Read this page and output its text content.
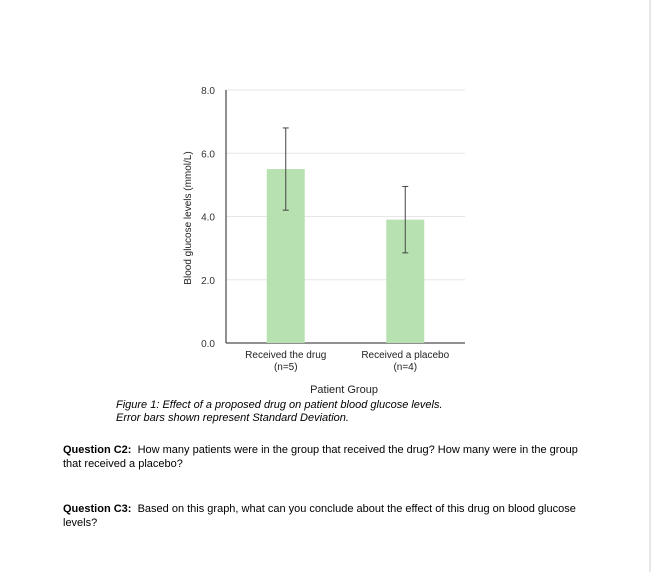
8.0
6.0
4.0
2.0
0.0
Received the drug
(n=5)
Received a placebo
(n=4)
Blood glucose levels (mmol/L)
Patient Group

Figure 1: Effect of a proposed drug on patient blood glucose levels.
Error bars shown represent Standard Deviation.

Question C2: How many patients were in the group that received the drug? How many were in the group that received a placebo?

Question C3: Based on this graph, what can you conclude about the effect of this drug on blood glucose levels?
